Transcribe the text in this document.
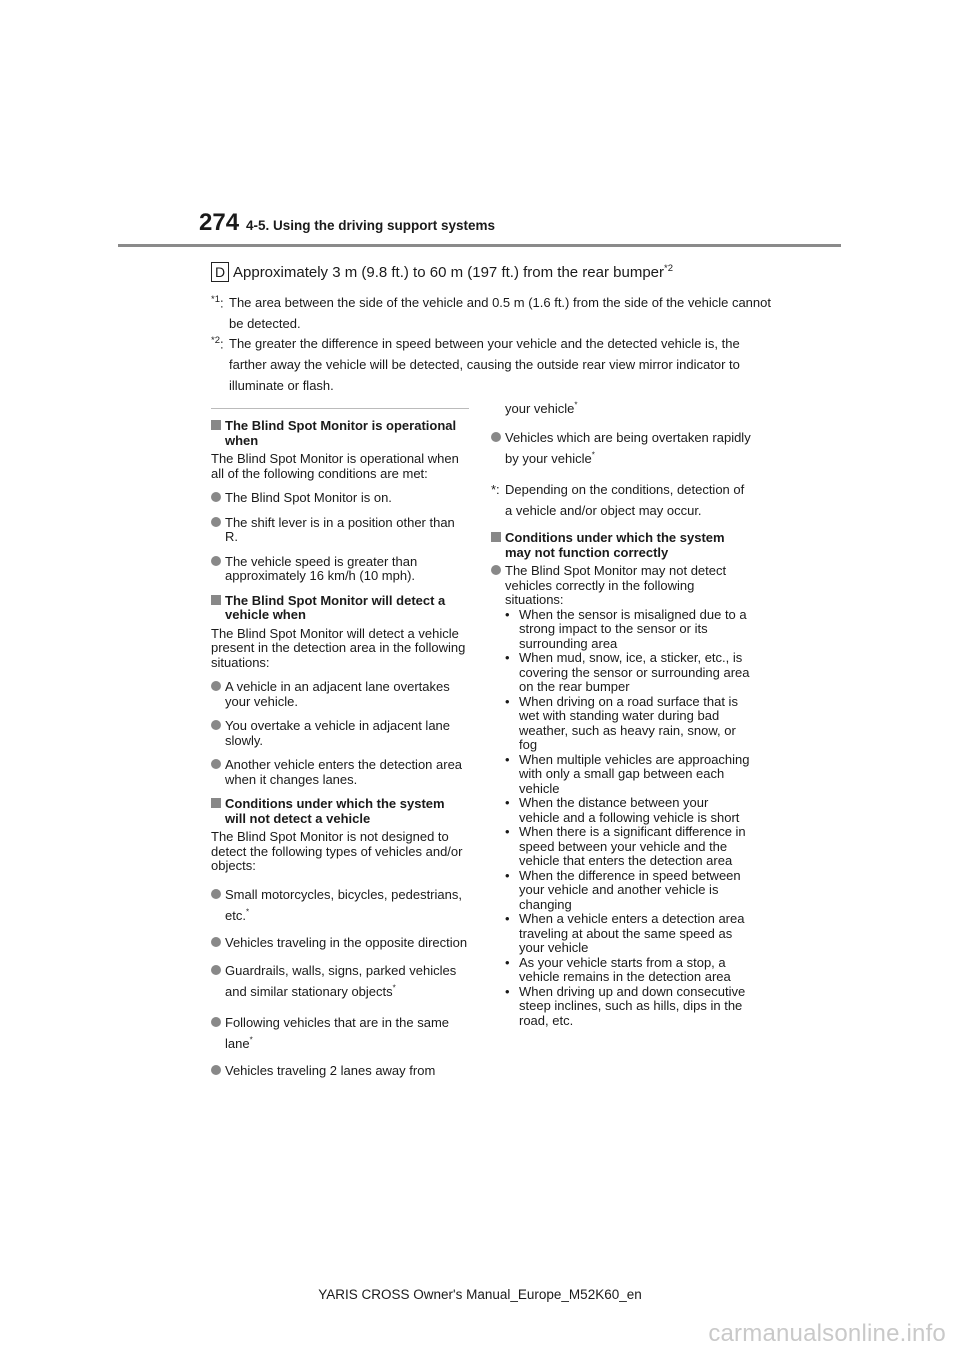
274 4-5. Using the driving support systems
D Approximately 3 m (9.8 ft.) to 60 m (197 ft.) from the rear bumper$^{*2}$
$^{*1}$: The area between the side of the vehicle and 0.5 m (1.6 ft.) from the side of the vehicle cannot be detected.
$^{*2}$: The greater the difference in speed between your vehicle and the detected vehicle is, the farther away the vehicle will be detected, causing the outside rear view mirror indicator to illuminate or flash.
The Blind Spot Monitor is operational when
The Blind Spot Monitor is operational when all of the following conditions are met:
The Blind Spot Monitor is on.
The shift lever is in a position other than R.
The vehicle speed is greater than approximately 16 km/h (10 mph).
The Blind Spot Monitor will detect a vehicle when
The Blind Spot Monitor will detect a vehicle present in the detection area in the following situations:
A vehicle in an adjacent lane overtakes your vehicle.
You overtake a vehicle in adjacent lane slowly.
Another vehicle enters the detection area when it changes lanes.
Conditions under which the system will not detect a vehicle
The Blind Spot Monitor is not designed to detect the following types of vehicles and/or objects:
Small motorcycles, bicycles, pedestrians, etc.*
Vehicles traveling in the opposite direction
Guardrails, walls, signs, parked vehicles and similar stationary objects*
Following vehicles that are in the same lane*
Vehicles traveling 2 lanes away from
your vehicle*
Vehicles which are being overtaken rapidly by your vehicle*
*: Depending on the conditions, detection of a vehicle and/or object may occur.
Conditions under which the system may not function correctly
The Blind Spot Monitor may not detect vehicles correctly in the following situations:
• When the sensor is misaligned due to a strong impact to the sensor or its surrounding area
• When mud, snow, ice, a sticker, etc., is covering the sensor or surrounding area on the rear bumper
• When driving on a road surface that is wet with standing water during bad weather, such as heavy rain, snow, or fog
• When multiple vehicles are approaching with only a small gap between each vehicle
• When the distance between your vehicle and a following vehicle is short
• When there is a significant difference in speed between your vehicle and the vehicle that enters the detection area
• When the difference in speed between your vehicle and another vehicle is changing
• When a vehicle enters a detection area traveling at about the same speed as your vehicle
• As your vehicle starts from a stop, a vehicle remains in the detection area
• When driving up and down consecutive steep inclines, such as hills, dips in the road, etc.
YARIS CROSS Owner's Manual_Europe_M52K60_en
carmanualsonline.info
